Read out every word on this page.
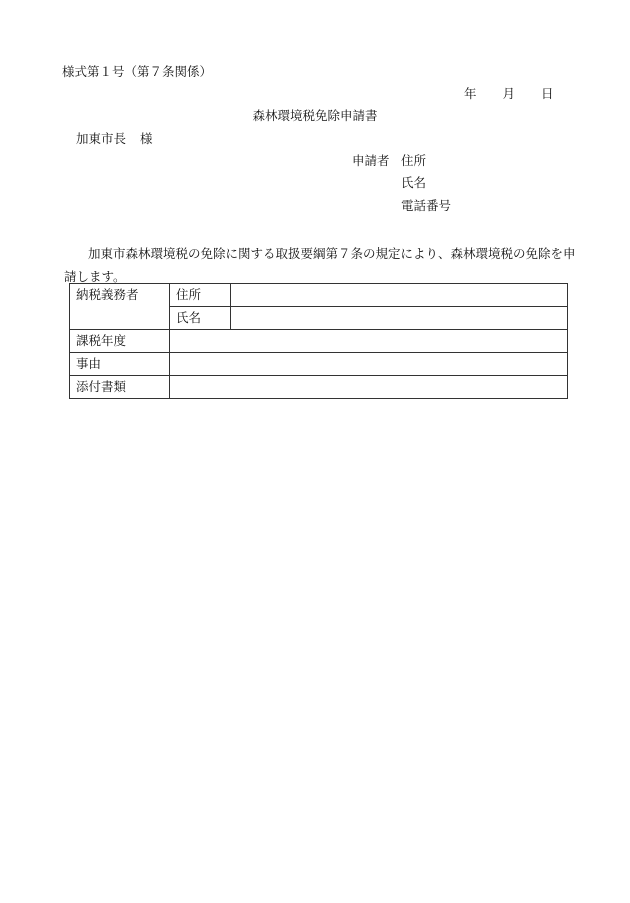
様式第１号（第７条関係）
年 月 日
森林環境税免除申請書
加東市長 様
申請者 住所
氏名
電話番号
加東市森林環境税の免除に関する取扱要綱第７条の規定により、森林環境税の免除を申
請します。
納税義務者	住所	
	氏名	
課税年度		
事由		
添付書類		
